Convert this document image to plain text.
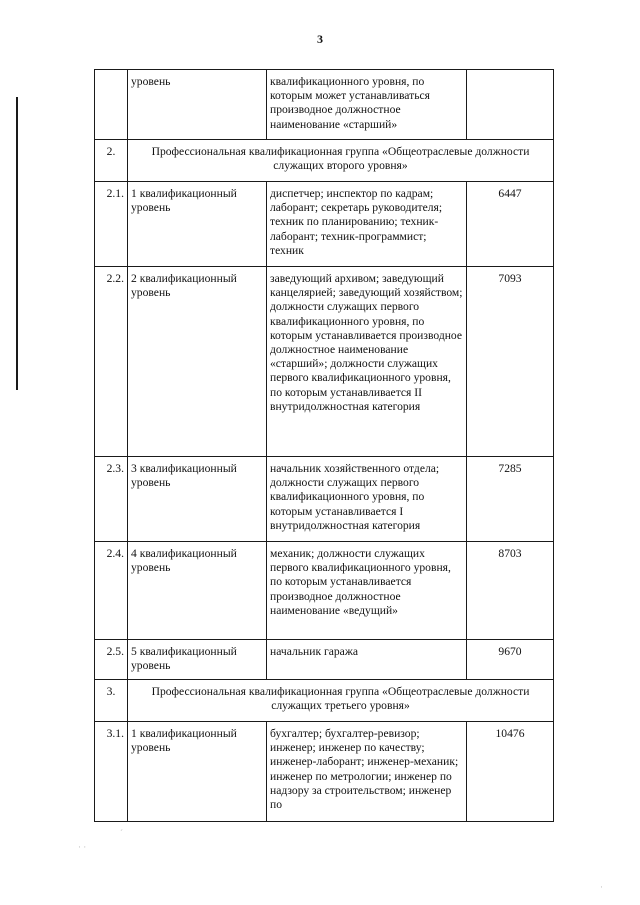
3
	уровень	квалификационного уровня, по которым может устанавливаться производное должностное наименование «старший»	
2.	Профессиональная квалификационная группа «Общеотраслевые должности служащих второго уровня»		
2.1.	1 квалификационный уровень	диспетчер; инспектор по кадрам; лаборант; секретарь руководителя; техник по планированию; техник-лаборант; техник-программист; техник	6447
2.2.	2 квалификационный уровень	заведующий архивом; заведующий канцелярией; заведующий хозяйством; должности служащих первого квалификационного уровня, по которым устанавливается производное должностное наименование «старший»; должности служащих первого квалификационного уровня, по которым устанавливается II внутридолжностная категория	7093
2.3.	3 квалификационный уровень	начальник хозяйственного отдела; должности служащих первого квалификационного уровня, по которым устанавливается I внутридолжностная категория	7285
2.4.	4 квалификационный уровень	механик; должности служащих первого квалификационного уровня, по которым устанавливается производное должностное наименование «ведущий»	8703
2.5.	5 квалификационный уровень	начальник гаража	9670
3.	Профессиональная квалификационная группа «Общеотраслевые должности служащих третьего уровня»		
3.1.	1 квалификационный уровень	бухгалтер; бухгалтер-ревизор; инженер; инженер по качеству; инженер-лаборант; инженер-механик; инженер по метрологии; инженер по надзору за строительством; инженер по	10476
ˊ
· ·
·
